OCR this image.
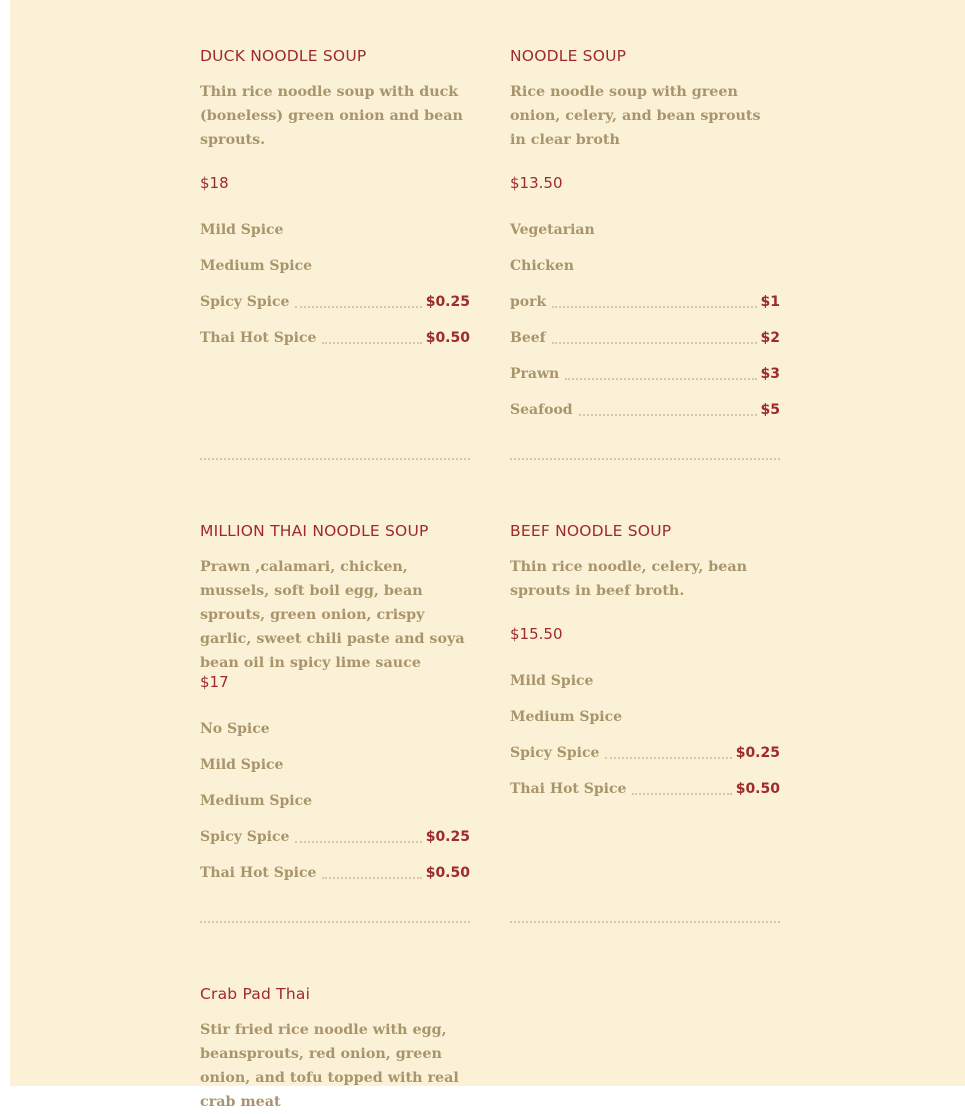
DUCK NOODLE SOUP
Thin rice noodle soup with duck (boneless) green onion and bean sprouts.
$18
Mild Spice
Medium Spice
Spicy Spice	$0.25
Thai Hot Spice	$0.50
NOODLE SOUP
Rice noodle soup with green onion, celery, and bean sprouts in clear broth
$13.50
Vegetarian
Chicken
pork	$1
Beef	$2
Prawn	$3
Seafood	$5
MILLION THAI NOODLE SOUP
Prawn ,calamari, chicken, mussels, soft boil egg, bean sprouts, green onion, crispy garlic, sweet chili paste and soya bean oil in spicy lime sauce
$17
No Spice
Mild Spice
Medium Spice
Spicy Spice	$0.25
Thai Hot Spice	$0.50
BEEF NOODLE SOUP
Thin rice noodle, celery, bean sprouts in beef broth.
$15.50
Mild Spice
Medium Spice
Spicy Spice	$0.25
Thai Hot Spice	$0.50
Crab Pad Thai
Stir fried rice noodle with egg, beansprouts, red onion, green onion, and tofu topped with real crab meat
